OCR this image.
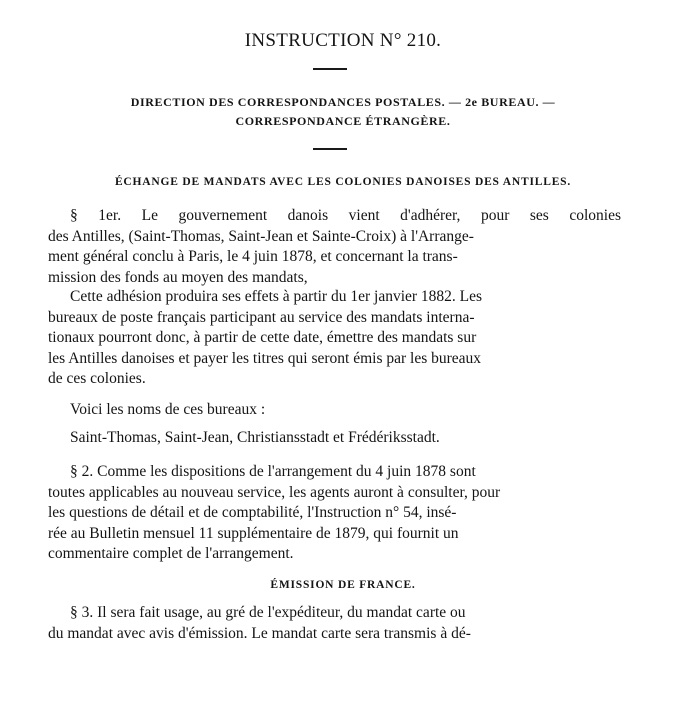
INSTRUCTION N° 210.
DIRECTION DES CORRESPONDANCES POSTALES. — 2e BUREAU. —
CORRESPONDANCE ÉTRANGÈRE.
ÉCHANGE DE MANDATS AVEC LES COLONIES DANOISES DES ANTILLES.
§ 1er. Le gouvernement danois vient d'adhérer, pour ses colonies
des Antilles, (Saint-Thomas, Saint-Jean et Sainte-Croix) à l'Arrange-
ment général conclu à Paris, le 4 juin 1878, et concernant la trans-
mission des fonds au moyen des mandats,
Cette adhésion produira ses effets à partir du 1er janvier 1882. Les
bureaux de poste français participant au service des mandats interna-
tionaux pourront donc, à partir de cette date, émettre des mandats sur
les Antilles danoises et payer les titres qui seront émis par les bureaux
de ces colonies.
Voici les noms de ces bureaux :
Saint-Thomas, Saint-Jean, Christiansstadt et Frédériksstadt.
§ 2. Comme les dispositions de l'arrangement du 4 juin 1878 sont
toutes applicables au nouveau service, les agents auront à consulter, pour
les questions de détail et de comptabilité, l'Instruction n° 54, insé-
rée au Bulletin mensuel 11 supplémentaire de 1879, qui fournit un
commentaire complet de l'arrangement.
ÉMISSION DE FRANCE.
§ 3. Il sera fait usage, au gré de l'expéditeur, du mandat carte ou
du mandat avec avis d'émission. Le mandat carte sera transmis à dé-
